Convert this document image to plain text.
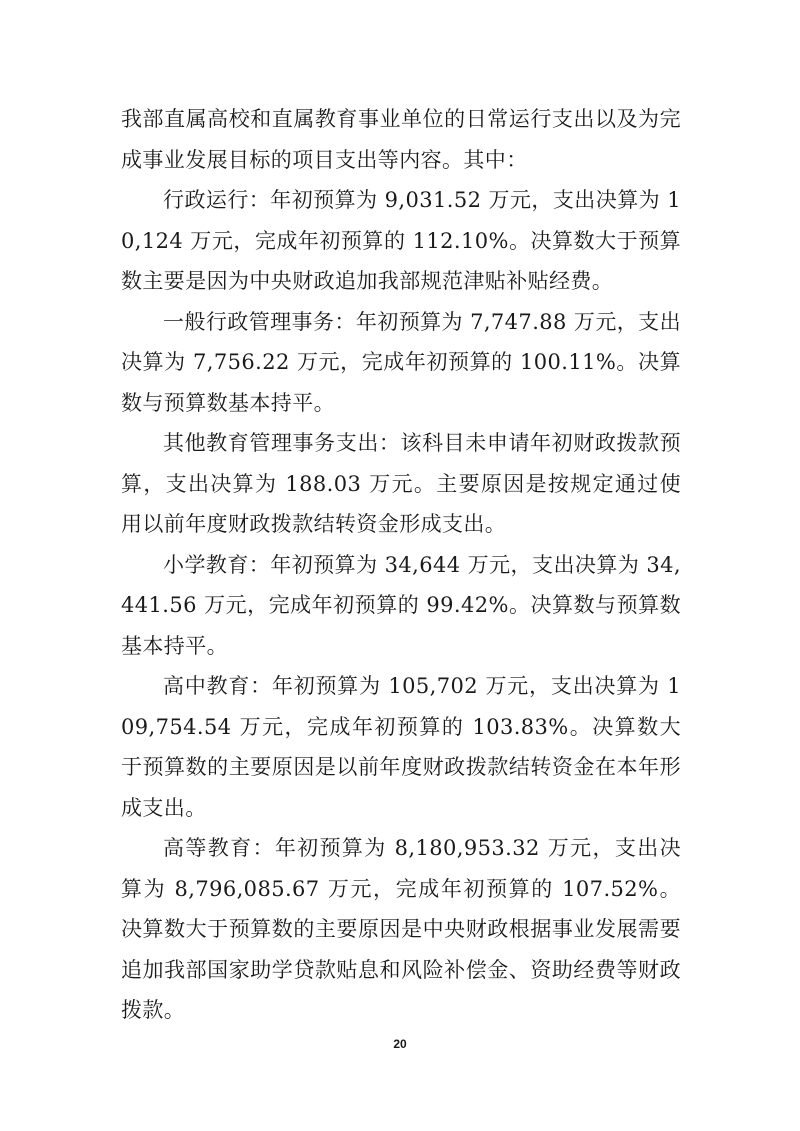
我部直属高校和直属教育事业单位的日常运行支出以及为完成事业发展目标的项目支出等内容。其中：

行政运行：年初预算为 9,031.52 万元，支出决算为 10,124 万元，完成年初预算的 112.10%。决算数大于预算数主要是因为中央财政追加我部规范津贴补贴经费。

一般行政管理事务：年初预算为 7,747.88 万元，支出决算为 7,756.22 万元，完成年初预算的 100.11%。决算数与预算数基本持平。

其他教育管理事务支出：该科目未申请年初财政拨款预算，支出决算为 188.03 万元。主要原因是按规定通过使用以前年度财政拨款结转资金形成支出。

小学教育：年初预算为 34,644 万元，支出决算为 34,441.56 万元，完成年初预算的 99.42%。决算数与预算数基本持平。

高中教育：年初预算为 105,702 万元，支出决算为 109,754.54 万元，完成年初预算的 103.83%。决算数大于预算数的主要原因是以前年度财政拨款结转资金在本年形成支出。

高等教育：年初预算为 8,180,953.32 万元，支出决算为 8,796,085.67 万元，完成年初预算的 107.52%。决算数大于预算数的主要原因是中央财政根据事业发展需要追加我部国家助学贷款贴息和风险补偿金、资助经费等财政拨款。

20
